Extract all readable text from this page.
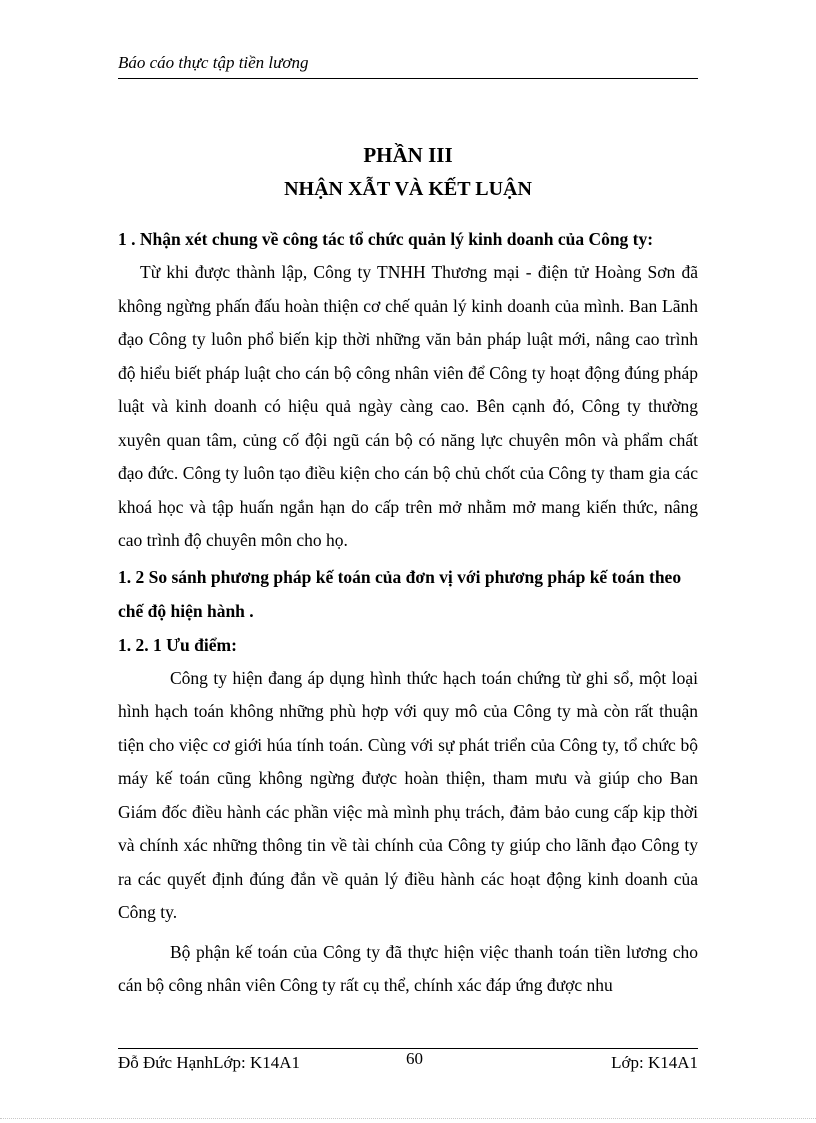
Báo cáo thực tập tiền lương
PHẦN III
NHẬN XẪT VÀ KẾT LUẬN

1 . Nhận xét chung về công tác tổ chức quản lý kinh doanh của Công ty:

Từ khi được thành lập, Công ty TNHH Thương mại - điện tử Hoàng Sơn đã không ngừng phấn đấu hoàn thiện cơ chế quản lý kinh doanh của mình. Ban Lãnh đạo Công ty luôn phổ biến kịp thời những văn bản pháp luật mới, nâng cao trình độ hiểu biết pháp luật cho cán bộ công nhân viên để Công ty hoạt động đúng pháp luật và kinh doanh có hiệu quả ngày càng cao. Bên cạnh đó, Công ty thường xuyên quan tâm, củng cố đội ngũ cán bộ có năng lực chuyên môn và phẩm chất đạo đức. Công ty luôn tạo điều kiện cho cán bộ chủ chốt của Công ty tham gia các khoá học và tập huấn ngắn hạn do cấp trên mở nhằm mở mang kiến thức, nâng cao trình độ chuyên môn cho họ.

1. 2 So sánh phương pháp kế toán của đơn vị với phương pháp kế toán theo chế độ hiện hành .

1. 2. 1 Ưu điểm:

Công ty hiện đang áp dụng hình thức hạch toán chứng từ ghi sổ, một loại hình hạch toán không những phù hợp với quy mô của Công ty mà còn rất thuận tiện cho việc cơ giới húa tính toán. Cùng với sự phát triển của Công ty, tổ chức bộ máy kế toán cũng không ngừng được hoàn thiện, tham mưu và giúp cho Ban Giám đốc điều hành các phần việc mà mình phụ trách, đảm bảo cung cấp kịp thời và chính xác những thông tin về tài chính của Công ty giúp cho lãnh đạo Công ty ra các quyết định đúng đắn về quản lý điều hành các hoạt động kinh doanh của Công ty.

Bộ phận kế toán của Công ty đã thực hiện việc thanh toán tiền lương cho cán bộ công nhân viên Công ty rất cụ thể, chính xác đáp ứng được nhu

Đỗ Đức HạnhLớp: K14A1	60	Lớp: K14A1
